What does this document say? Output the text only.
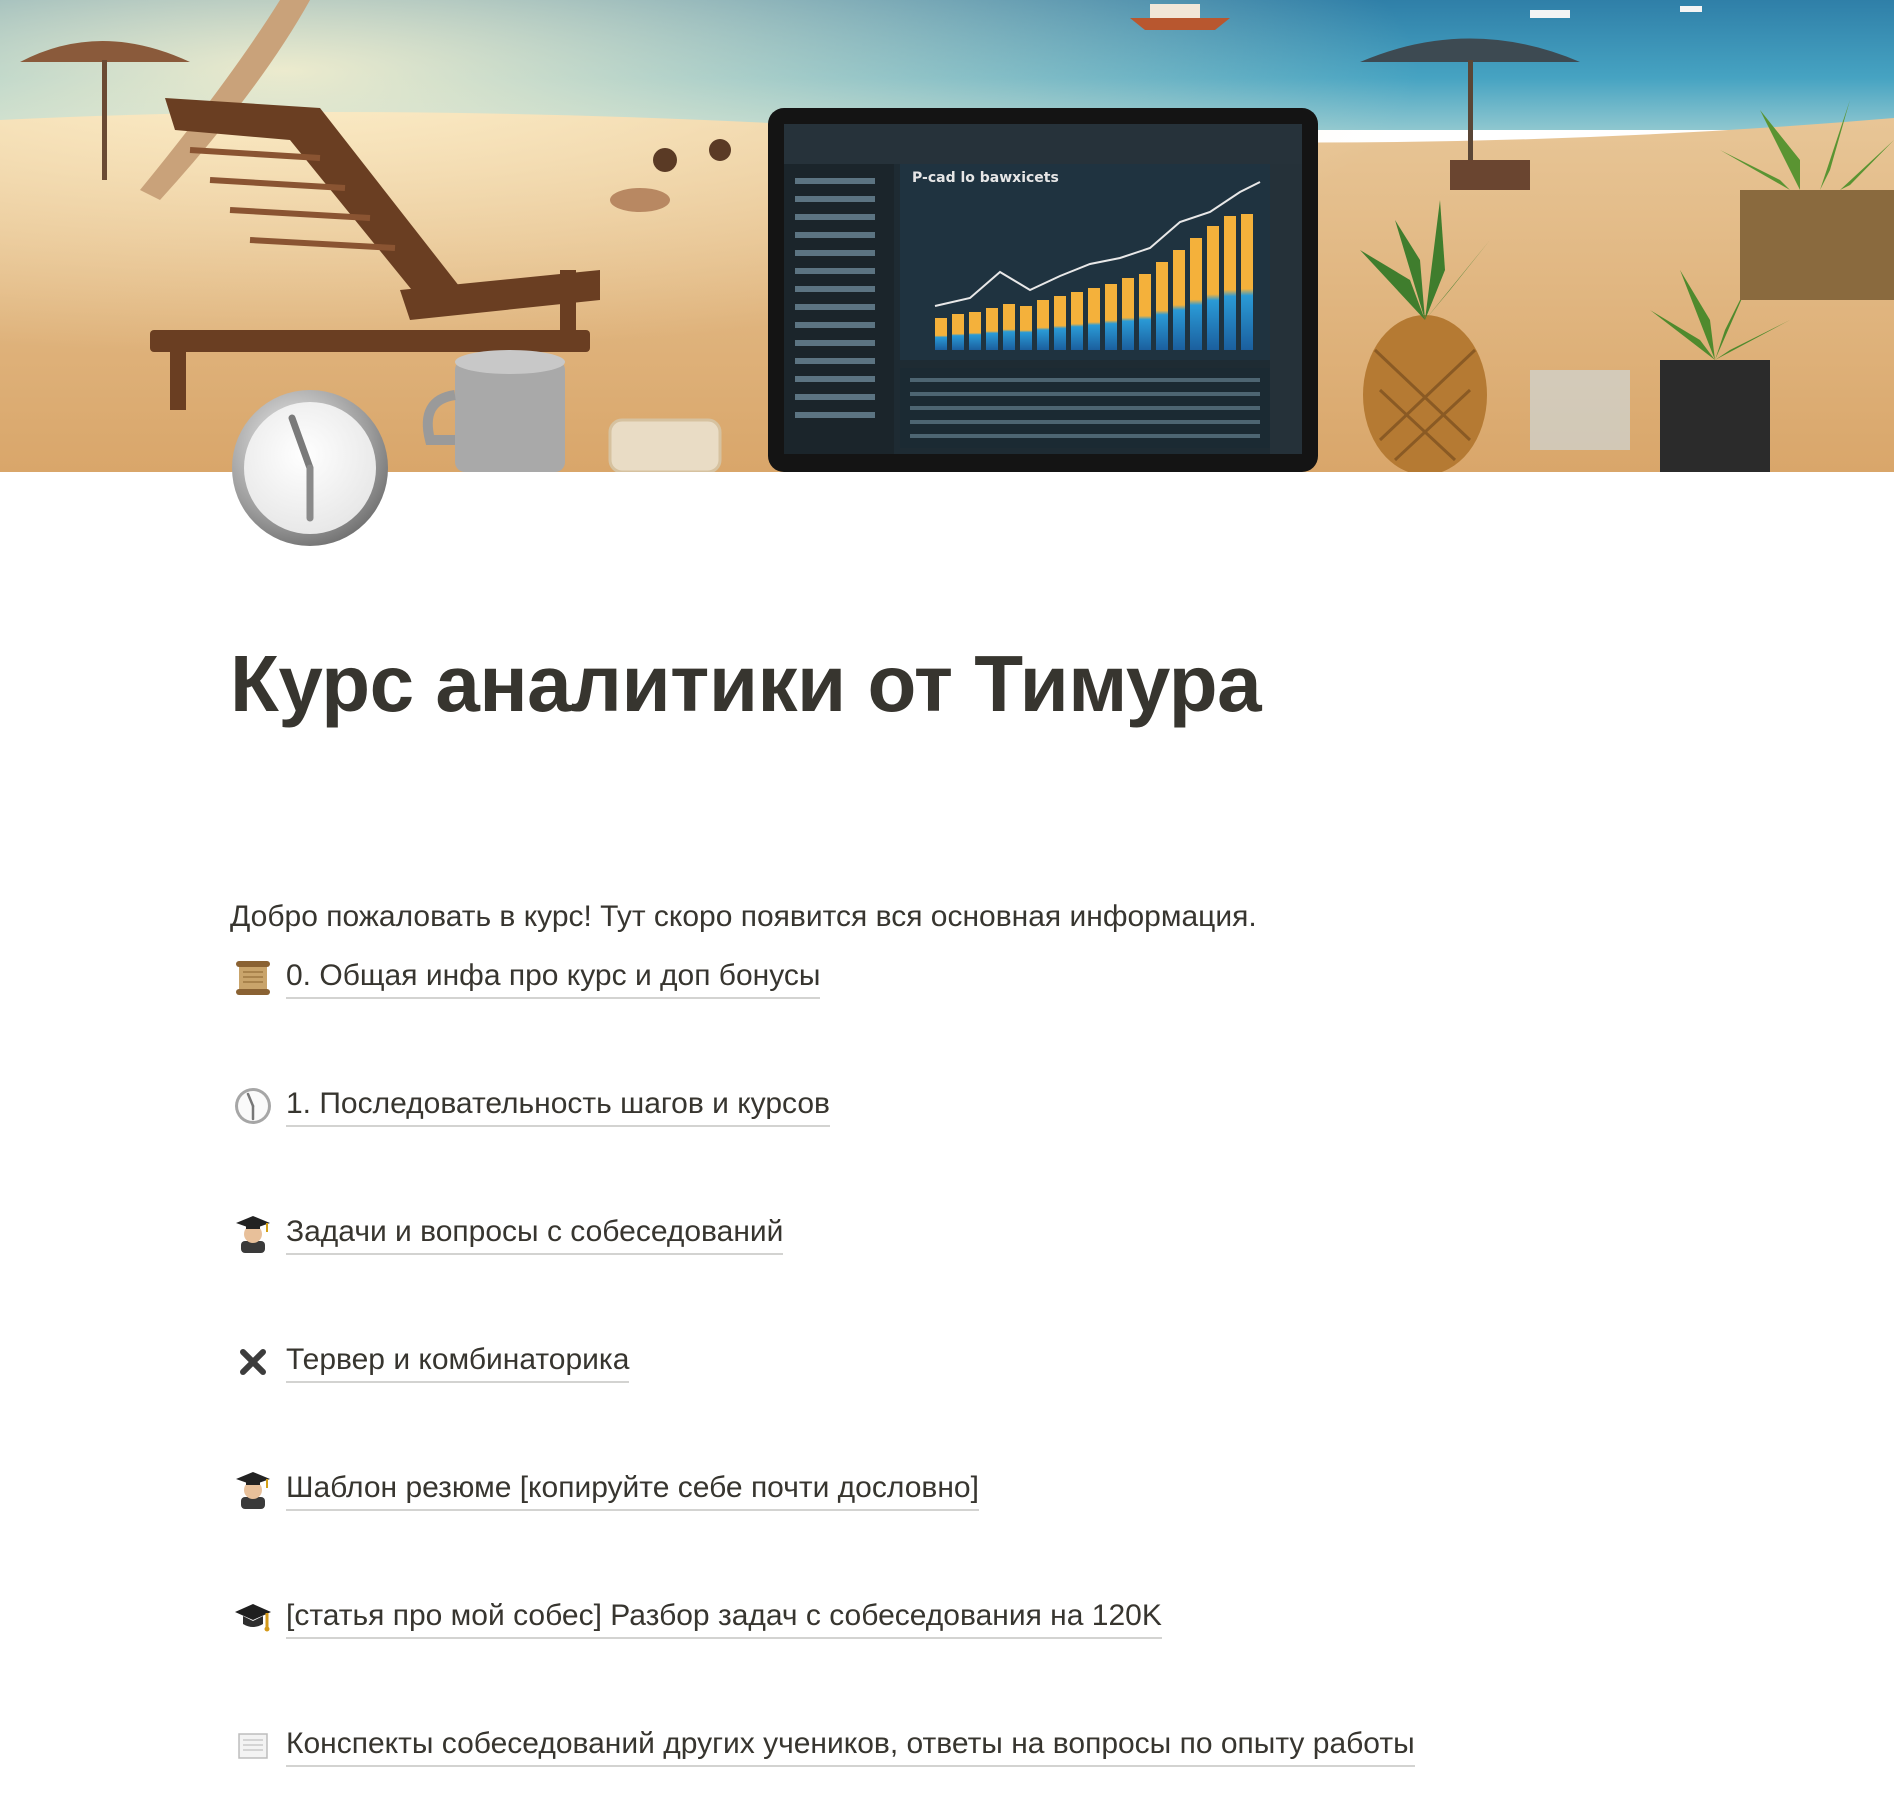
P-cad lo bawxicets
Курс аналитики от Тимура
Добро пожаловать в курс! Тут скоро появится вся основная информация.
0. Общая инфа про курс и доп бонусы
1. Последовательность шагов и курсов
Задачи и вопросы с собеседований
Тервер и комбинаторика
Шаблон резюме [копируйте себе почти дословно]
[статья про мой собес] Разбор задач с собеседования на 120K
Конспекты собеседований других учеников, ответы на вопросы по опыту работы
